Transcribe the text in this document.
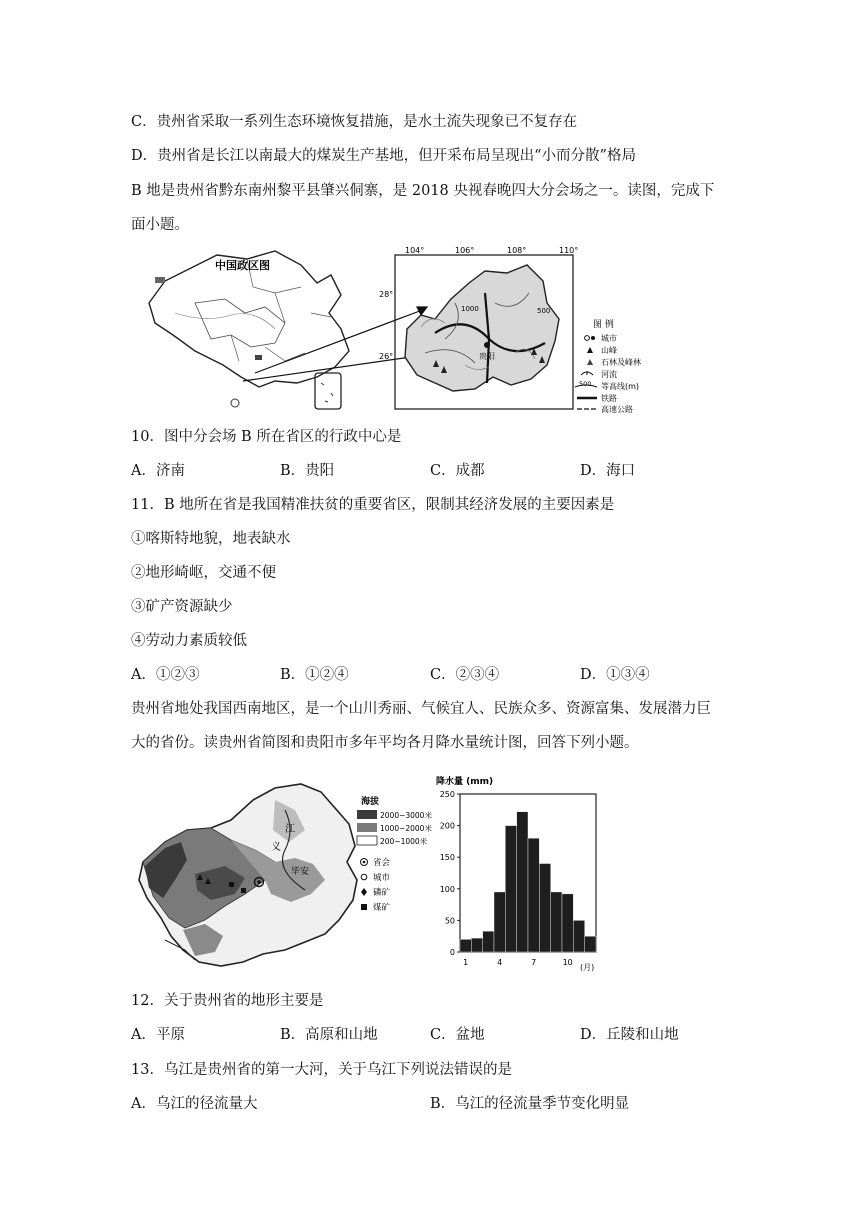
C．贵州省采取一系列生态环境恢复措施，是水土流失现象已不复存在
D．贵州省是长江以南最大的煤炭生产基地，但开采布局呈现出“小而分散”格局
B 地是贵州省黔东南州黎平县肇兴侗寨，是 2018 央视春晚四大分会场之一。读图，完成下
面小题。
中国政区图
104°	106°	108°	110°
28°
26°	贵阳
1000	500
图 例
城市
山峰
石林及峰林
河流
500 等高线(m)
铁路
高速公路
10．图中分会场 B 所在省区的行政中心是
A．济南	B．贵阳	C．成都	D．海口
11．B 地所在省是我国精准扶贫的重要省区，限制其经济发展的主要因素是
①喀斯特地貌，地表缺水
②地形崎岖，交通不便
③矿产资源缺少
④劳动力素质较低
A．①②③	B．①②④	C．②③④	D．①③④
贵州省地处我国西南地区，是一个山川秀丽、气候宜人、民族众多、资源富集、发展潜力巨
大的省份。读贵州省简图和贵阳市多年平均各月降水量统计图，回答下列小题。
江
义
毕安
海拔
2000~3000米
1000~2000米
200~1000米
省会
城市
磷矿
煤矿
降水量 (mm)
0
50
100
150
200
250
1	4	7	10
(月)
12．关于贵州省的地形主要是
A．平原	B．高原和山地	C．盆地	D．丘陵和山地
13．乌江是贵州省的第一大河，关于乌江下列说法错误的是
A．乌江的径流量大	B．乌江的径流量季节变化明显
